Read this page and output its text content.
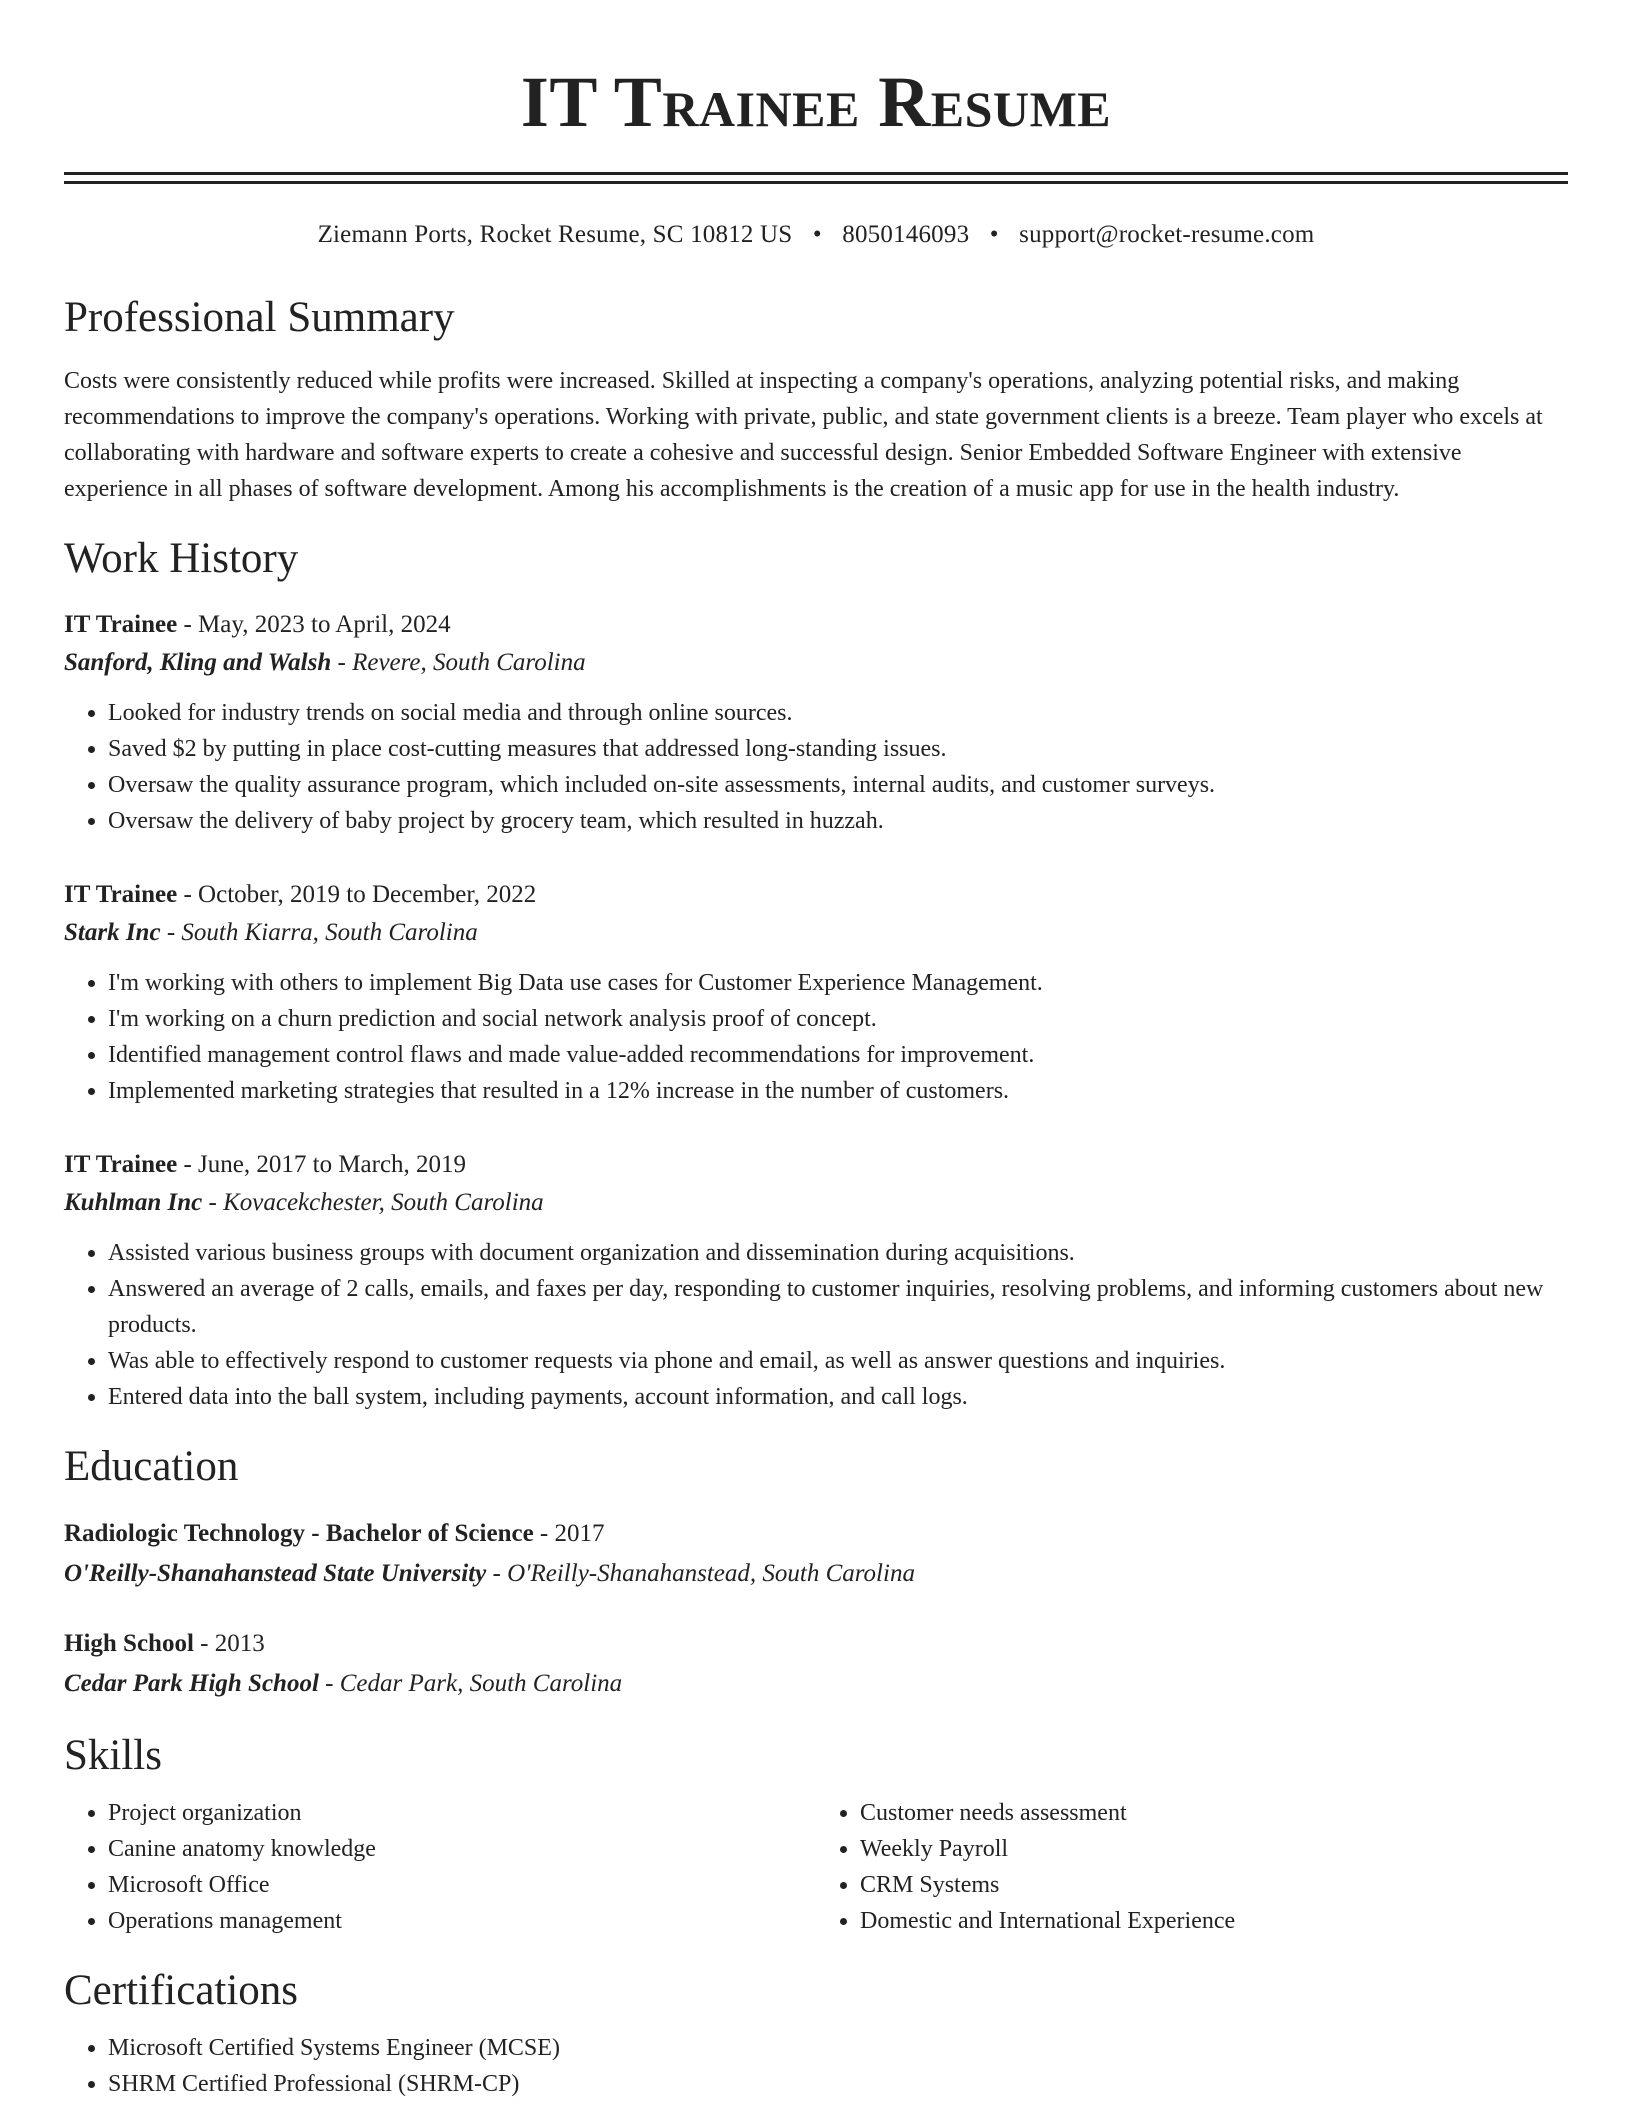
IT Trainee Resume
Ziemann Ports, Rocket Resume, SC 10812 US • 8050146093 • support@rocket-resume.com
Professional Summary

Costs were consistently reduced while profits were increased. Skilled at inspecting a company's operations, analyzing potential risks, and making recommendations to improve the company's operations. Working with private, public, and state government clients is a breeze. Team player who excels at collaborating with hardware and software experts to create a cohesive and successful design. Senior Embedded Software Engineer with extensive experience in all phases of software development. Among his accomplishments is the creation of a music app for use in the health industry.

Work History
IT Trainee - May, 2023 to April, 2024
Sanford, Kling and Walsh - Revere, South Carolina
• Looked for industry trends on social media and through online sources.
• Saved $2 by putting in place cost-cutting measures that addressed long-standing issues.
• Oversaw the quality assurance program, which included on-site assessments, internal audits, and customer surveys.
• Oversaw the delivery of baby project by grocery team, which resulted in huzzah.
IT Trainee - October, 2019 to December, 2022
Stark Inc - South Kiarra, South Carolina
• I'm working with others to implement Big Data use cases for Customer Experience Management.
• I'm working on a churn prediction and social network analysis proof of concept.
• Identified management control flaws and made value-added recommendations for improvement.
• Implemented marketing strategies that resulted in a 12% increase in the number of customers.
IT Trainee - June, 2017 to March, 2019
Kuhlman Inc - Kovacekchester, South Carolina
• Assisted various business groups with document organization and dissemination during acquisitions.
• Answered an average of 2 calls, emails, and faxes per day, responding to customer inquiries, resolving problems, and informing customers about new products.
• Was able to effectively respond to customer requests via phone and email, as well as answer questions and inquiries.
• Entered data into the ball system, including payments, account information, and call logs.
Education
Radiologic Technology - Bachelor of Science - 2017
O'Reilly-Shanahanstead State University - O'Reilly-Shanahanstead, South Carolina
High School - 2013
Cedar Park High School - Cedar Park, South Carolina
Skills
• Project organization
• Canine anatomy knowledge
• Microsoft Office
• Operations management
• Customer needs assessment
• Weekly Payroll
• CRM Systems
• Domestic and International Experience
Certifications
• Microsoft Certified Systems Engineer (MCSE)
• SHRM Certified Professional (SHRM-CP)
